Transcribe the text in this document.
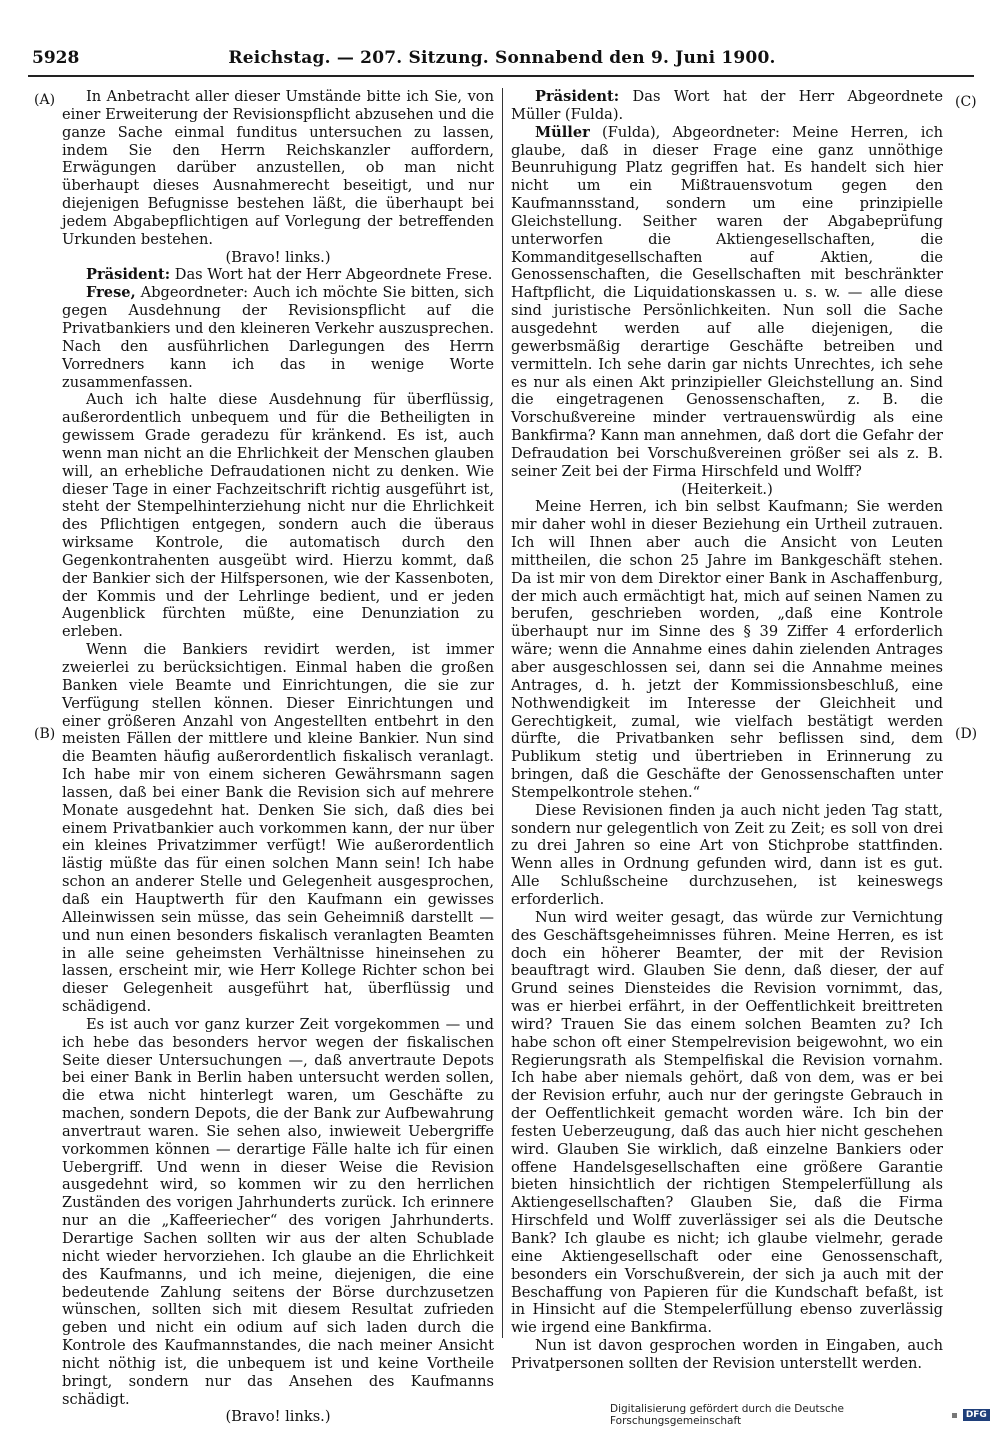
5928	Reichstag. — 207. Sitzung. Sonnabend den 9. Juni 1900.
(A)
(B)
(C)
(D)

In Anbetracht aller dieser Umstände bitte ich Sie, von einer Erweiterung der Revisionspflicht abzusehen und die ganze Sache einmal funditus untersuchen zu lassen, indem Sie den Herrn Reichskanzler auffordern, Erwägungen darüber anzustellen, ob man nicht überhaupt dieses Ausnahmerecht beseitigt, und nur diejenigen Befugnisse bestehen läßt, die überhaupt bei jedem Abgabepflichtigen auf Vorlegung der betreffenden Urkunden bestehen.

(Bravo! links.)

Präsident: Das Wort hat der Herr Abgeordnete Frese.

Frese, Abgeordneter: Auch ich möchte Sie bitten, sich gegen Ausdehnung der Revisionspflicht auf die Privatbankiers und den kleineren Verkehr auszusprechen. Nach den ausführlichen Darlegungen des Herrn Vorredners kann ich das in wenige Worte zusammenfassen.

Auch ich halte diese Ausdehnung für überflüssig, außerordentlich unbequem und für die Betheiligten in gewissem Grade geradezu für kränkend. Es ist, auch wenn man nicht an die Ehrlichkeit der Menschen glauben will, an erhebliche Defraudationen nicht zu denken. Wie dieser Tage in einer Fachzeitschrift richtig ausgeführt ist, steht der Stempelhinterziehung nicht nur die Ehrlichkeit des Pflichtigen entgegen, sondern auch die überaus wirksame Kontrole, die automatisch durch den Gegenkontrahenten ausgeübt wird. Hierzu kommt, daß der Bankier sich der Hilfspersonen, wie der Kassenboten, der Kommis und der Lehrlinge bedient, und er jeden Augenblick fürchten müßte, eine Denunziation zu erleben.

Wenn die Bankiers revidirt werden, ist immer zweierlei zu berücksichtigen. Einmal haben die großen Banken viele Beamte und Einrichtungen, die sie zur Verfügung stellen können. Dieser Einrichtungen und einer größeren Anzahl von Angestellten entbehrt in den meisten Fällen der mittlere und kleine Bankier. Nun sind die Beamten häufig außerordentlich fiskalisch veranlagt. Ich habe mir von einem sicheren Gewährsmann sagen lassen, daß bei einer Bank die Revision sich auf mehrere Monate ausgedehnt hat. Denken Sie sich, daß dies bei einem Privatbankier auch vorkommen kann, der nur über ein kleines Privatzimmer verfügt! Wie außerordentlich lästig müßte das für einen solchen Mann sein! Ich habe schon an anderer Stelle und Gelegenheit ausgesprochen, daß ein Hauptwerth für den Kaufmann ein gewisses Alleinwissen sein müsse, das sein Geheimniß darstellt — und nun einen besonders fiskalisch veranlagten Beamten in alle seine geheimsten Verhältnisse hineinsehen zu lassen, erscheint mir, wie Herr Kollege Richter schon bei dieser Gelegenheit ausgeführt hat, überflüssig und schädigend.

Es ist auch vor ganz kurzer Zeit vorgekommen — und ich hebe das besonders hervor wegen der fiskalischen Seite dieser Untersuchungen —, daß anvertraute Depots bei einer Bank in Berlin haben untersucht werden sollen, die etwa nicht hinterlegt waren, um Geschäfte zu machen, sondern Depots, die der Bank zur Aufbewahrung anvertraut waren. Sie sehen also, inwieweit Uebergriffe vorkommen können — derartige Fälle halte ich für einen Uebergriff. Und wenn in dieser Weise die Revision ausgedehnt wird, so kommen wir zu den herrlichen Zuständen des vorigen Jahrhunderts zurück. Ich erinnere nur an die „Kaffeeriecher“ des vorigen Jahrhunderts. Derartige Sachen sollten wir aus der alten Schublade nicht wieder hervorziehen. Ich glaube an die Ehrlichkeit des Kaufmanns, und ich meine, diejenigen, die eine bedeutende Zahlung seitens der Börse durchzusetzen wünschen, sollten sich mit diesem Resultat zufrieden geben und nicht ein odium auf sich laden durch die Kontrole des Kaufmannstandes, die nach meiner Ansicht nicht nöthig ist, die unbequem ist und keine Vortheile bringt, sondern nur das Ansehen des Kaufmanns schädigt.

(Bravo! links.)

Präsident: Das Wort hat der Herr Abgeordnete Müller (Fulda).

Müller (Fulda), Abgeordneter: Meine Herren, ich glaube, daß in dieser Frage eine ganz unnöthige Beunruhigung Platz gegriffen hat. Es handelt sich hier nicht um ein Mißtrauensvotum gegen den Kaufmannsstand, sondern um eine prinzipielle Gleichstellung. Seither waren der Abgabeprüfung unterworfen die Aktiengesellschaften, die Kommanditgesellschaften auf Aktien, die Genossenschaften, die Gesellschaften mit beschränkter Haftpflicht, die Liquidationskassen u. s. w. — alle diese sind juristische Persönlichkeiten. Nun soll die Sache ausgedehnt werden auf alle diejenigen, die gewerbsmäßig derartige Geschäfte betreiben und vermitteln. Ich sehe darin gar nichts Unrechtes, ich sehe es nur als einen Akt prinzipieller Gleichstellung an. Sind die eingetragenen Genossenschaften, z. B. die Vorschußvereine minder vertrauenswürdig als eine Bankfirma? Kann man annehmen, daß dort die Gefahr der Defraudation bei Vorschußvereinen größer sei als z. B. seiner Zeit bei der Firma Hirschfeld und Wolff?

(Heiterkeit.)

Meine Herren, ich bin selbst Kaufmann; Sie werden mir daher wohl in dieser Beziehung ein Urtheil zutrauen. Ich will Ihnen aber auch die Ansicht von Leuten mittheilen, die schon 25 Jahre im Bankgeschäft stehen. Da ist mir von dem Direktor einer Bank in Aschaffenburg, der mich auch ermächtigt hat, mich auf seinen Namen zu berufen, geschrieben worden, „daß eine Kontrole überhaupt nur im Sinne des § 39 Ziffer 4 erforderlich wäre; wenn die Annahme eines dahin zielenden Antrages aber ausgeschlossen sei, dann sei die Annahme meines Antrages, d. h. jetzt der Kommissionsbeschluß, eine Nothwendigkeit im Interesse der Gleichheit und Gerechtigkeit, zumal, wie vielfach bestätigt werden dürfte, die Privatbanken sehr beflissen sind, dem Publikum stetig und übertrieben in Erinnerung zu bringen, daß die Geschäfte der Genossenschaften unter Stempelkontrole stehen.“

Diese Revisionen finden ja auch nicht jeden Tag statt, sondern nur gelegentlich von Zeit zu Zeit; es soll von drei zu drei Jahren so eine Art von Stichprobe stattfinden. Wenn alles in Ordnung gefunden wird, dann ist es gut. Alle Schlußscheine durchzusehen, ist keineswegs erforderlich.

Nun wird weiter gesagt, das würde zur Vernichtung des Geschäftsgeheimnisses führen. Meine Herren, es ist doch ein höherer Beamter, der mit der Revision beauftragt wird. Glauben Sie denn, daß dieser, der auf Grund seines Diensteides die Revision vornimmt, das, was er hierbei erfährt, in der Oeffentlichkeit breittreten wird? Trauen Sie das einem solchen Beamten zu? Ich habe schon oft einer Stempelrevision beigewohnt, wo ein Regierungsrath als Stempelfiskal die Revision vornahm. Ich habe aber niemals gehört, daß von dem, was er bei der Revision erfuhr, auch nur der geringste Gebrauch in der Oeffentlichkeit gemacht worden wäre. Ich bin der festen Ueberzeugung, daß das auch hier nicht geschehen wird. Glauben Sie wirklich, daß einzelne Bankiers oder offene Handelsgesellschaften eine größere Garantie bieten hinsichtlich der richtigen Stempelerfüllung als Aktiengesellschaften? Glauben Sie, daß die Firma Hirschfeld und Wolff zuverlässiger sei als die Deutsche Bank? Ich glaube es nicht; ich glaube vielmehr, gerade eine Aktiengesellschaft oder eine Genossenschaft, besonders ein Vorschußverein, der sich ja auch mit der Beschaffung von Papieren für die Kundschaft befaßt, ist in Hinsicht auf die Stempelerfüllung ebenso zuverlässig wie irgend eine Bankfirma.

Nun ist davon gesprochen worden in Eingaben, auch Privatpersonen sollten der Revision unterstellt werden.

Digitalisierung gefördert durch die Deutsche Forschungsgemeinschaft	DFG
